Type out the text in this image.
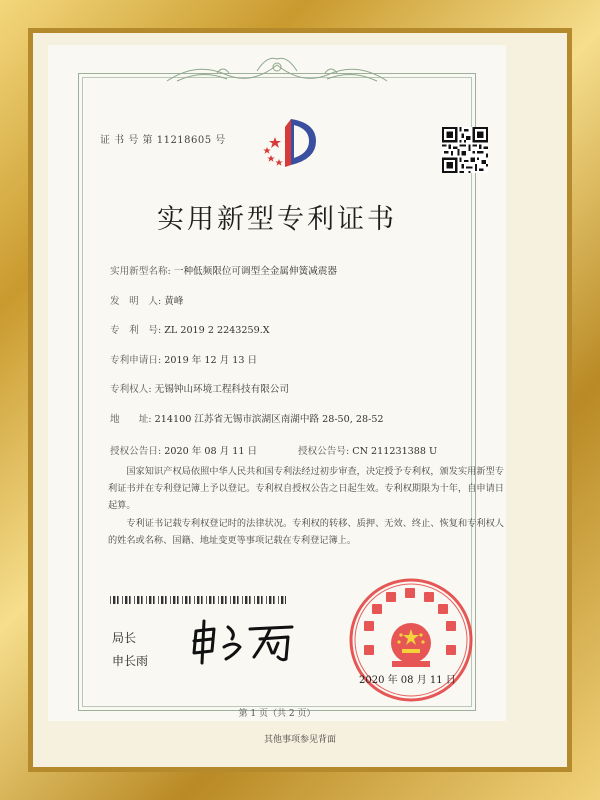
证 书 号 第 11218605 号
实用新型专利证书
实用新型名称: 一种低频限位可调型全金属伸簧减震器
发　明　人: 黄峰
专　利　号: ZL 2019 2 2243259.X
专利申请日: 2019 年 12 月 13 日
专利权人: 无锡钟山环境工程科技有限公司
地　　址: 214100 江苏省无锡市滨湖区南湖中路 28-50, 28-52
授权公告日: 2020 年 08 月 11 日	授权公告号: CN 211231388 U
国家知识产权局依照中华人民共和国专利法经过初步审查，决定授予专利权，颁发实用新型专利证书并在专利登记簿上予以登记。专利权自授权公告之日起生效。专利权期限为十年，自申请日起算。
专利证书记载专利权登记时的法律状况。专利权的转移、质押、无效、终止、恢复和专利权人的姓名或名称、国籍、地址变更等事项记载在专利登记簿上。
局长
申长雨
2020 年 08 月 11 日
第 1 页（共 2 页）
其他事项参见背面
